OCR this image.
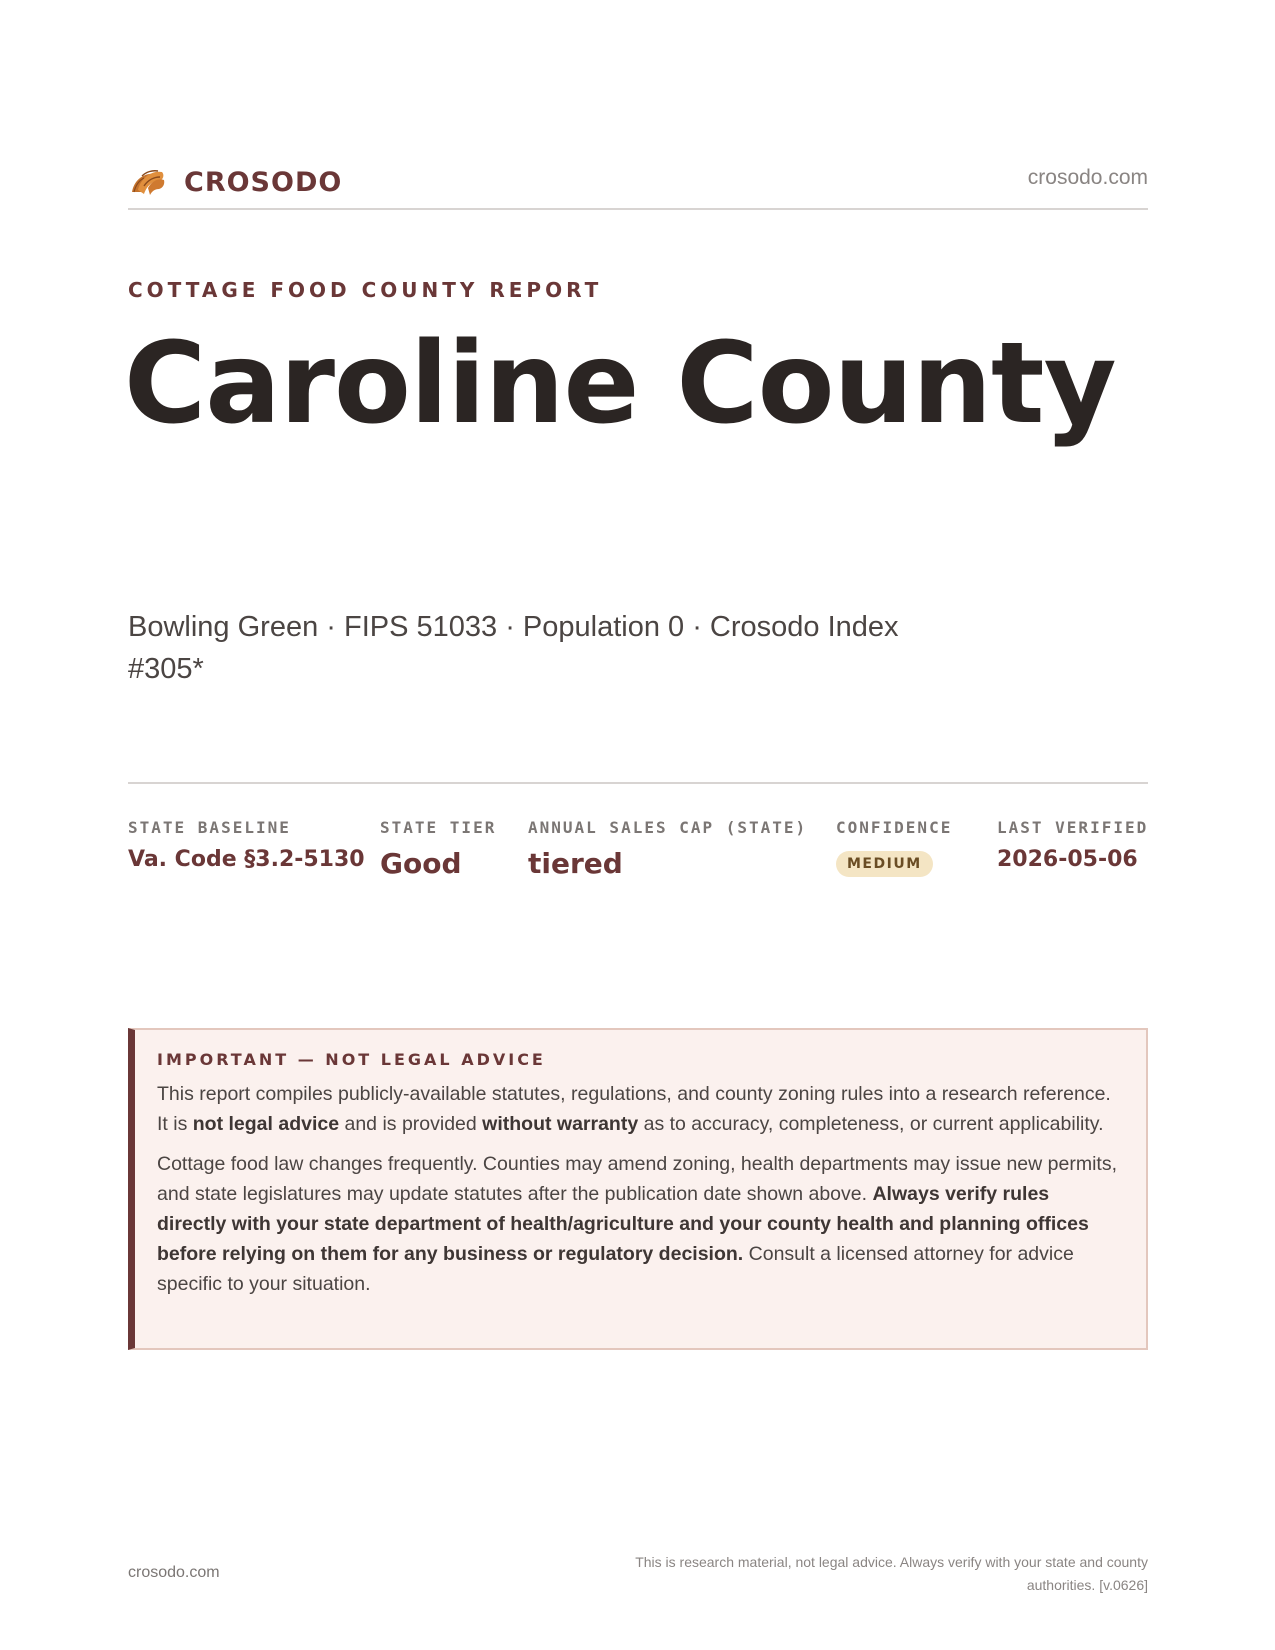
CROSODO	crosodo.com
COTTAGE FOOD COUNTY REPORT
Caroline County
Bowling Green · FIPS 51033 · Population 0 · Crosodo Index #305*
STATE BASELINE
Va. Code §3.2-5130
STATE TIER
Good
ANNUAL SALES CAP (STATE)
tiered
CONFIDENCE
MEDIUM
LAST VERIFIED
2026-05-06
IMPORTANT — NOT LEGAL ADVICE

This report compiles publicly-available statutes, regulations, and county zoning rules into a research reference. It is not legal advice and is provided without warranty as to accuracy, completeness, or current applicability.

Cottage food law changes frequently. Counties may amend zoning, health departments may issue new permits, and state legislatures may update statutes after the publication date shown above. Always verify rules directly with your state department of health/agriculture and your county health and planning offices before relying on them for any business or regulatory decision. Consult a licensed attorney for advice specific to your situation.

crosodo.com
This is research material, not legal advice. Always verify with your state and county authorities. [v.0626]
